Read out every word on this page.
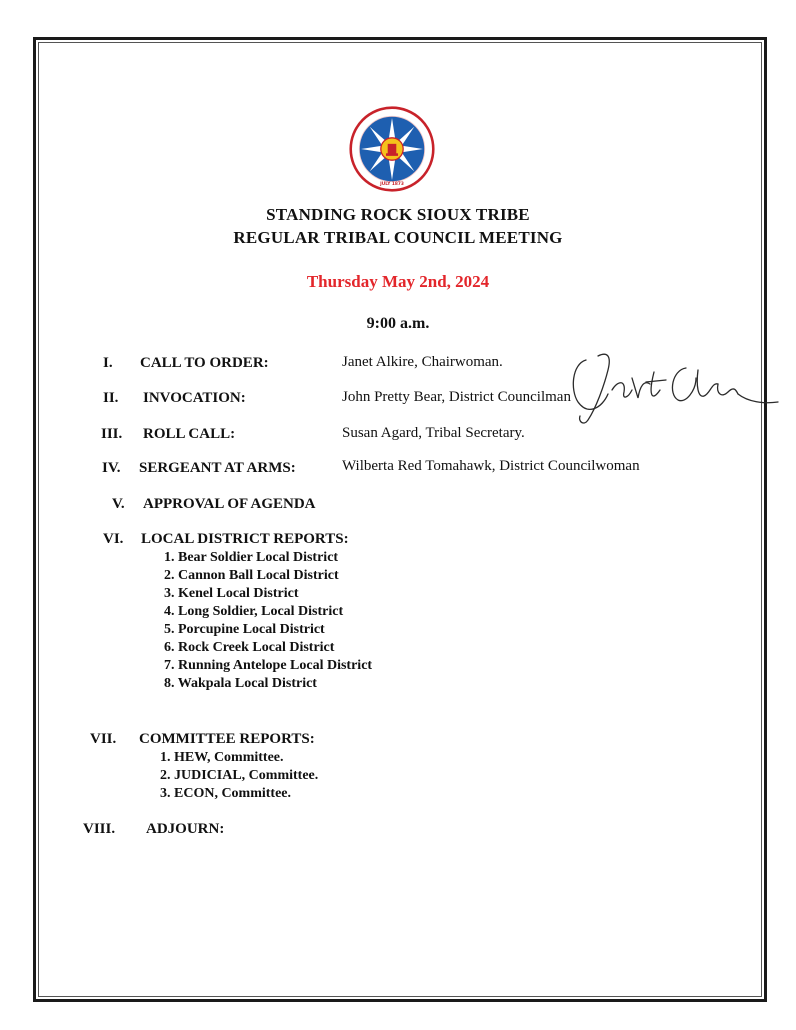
JULY 1873
STANDING ROCK SIOUX TRIBE
REGULAR TRIBAL COUNCIL MEETING
Thursday May 2nd, 2024
9:00 a.m.
I. CALL TO ORDER:	Janet Alkire, Chairwoman.
II. INVOCATION:	John Pretty Bear, District Councilman
III. ROLL CALL:	Susan Agard, Tribal Secretary.
IV. SERGEANT AT ARMS:	Wilberta Red Tomahawk, District Councilwoman
V. APPROVAL OF AGENDA
VI. LOCAL DISTRICT REPORTS:
1. Bear Soldier Local District
2. Cannon Ball Local District
3. Kenel Local District
4. Long Soldier, Local District
5. Porcupine Local District
6. Rock Creek Local District
7. Running Antelope Local District
8. Wakpala Local District
VII. COMMITTEE REPORTS:
1. HEW, Committee.
2. JUDICIAL, Committee.
3. ECON, Committee.
VIII. ADJOURN:
